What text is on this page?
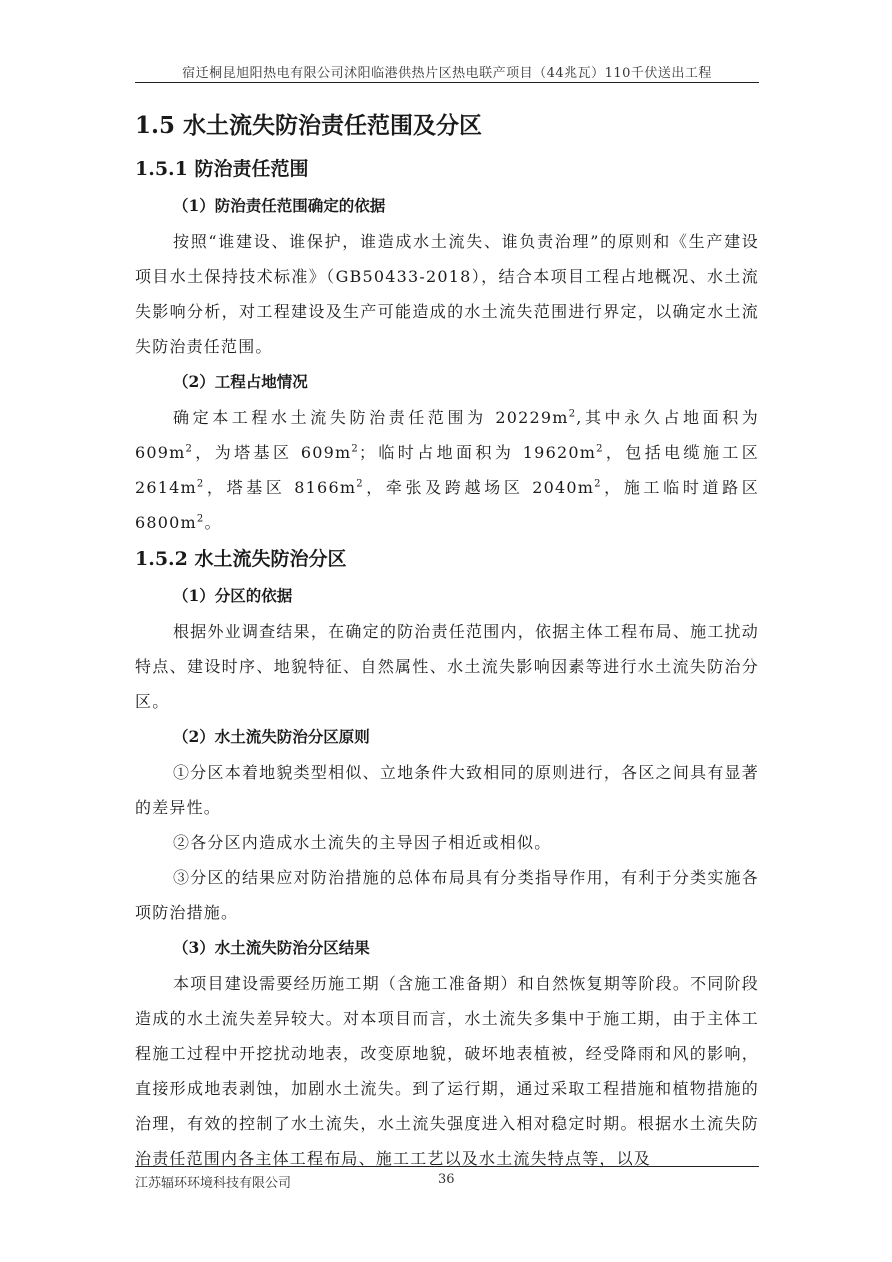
宿迁桐昆旭阳热电有限公司沭阳临港供热片区热电联产项目（44兆瓦）110千伏送出工程
1.5 水土流失防治责任范围及分区
1.5.1 防治责任范围
（1）防治责任范围确定的依据

按照“谁建设、谁保护，谁造成水土流失、谁负责治理”的原则和《生产建设项目水土保持技术标准》（GB50433-2018），结合本项目工程占地概况、水土流失影响分析，对工程建设及生产可能造成的水土流失范围进行界定，以确定水土流失防治责任范围。

（2）工程占地情况

确定本工程水土流失防治责任范围为 $20229m^2$,其中永久占地面积为 $609m^2$，为塔基区 $609m^2$；临时占地面积为 $19620m^2$，包括电缆施工区 $2614m^2$，塔基区 $8166m^2$，牵张及跨越场区 $2040m^2$，施工临时道路区 $6800m^2$。

1.5.2 水土流失防治分区
（1）分区的依据

根据外业调查结果，在确定的防治责任范围内，依据主体工程布局、施工扰动特点、建设时序、地貌特征、自然属性、水土流失影响因素等进行水土流失防治分区。

（2）水土流失防治分区原则

①分区本着地貌类型相似、立地条件大致相同的原则进行，各区之间具有显著的差异性。

②各分区内造成水土流失的主导因子相近或相似。

③分区的结果应对防治措施的总体布局具有分类指导作用，有利于分类实施各项防治措施。

（3）水土流失防治分区结果

本项目建设需要经历施工期（含施工准备期）和自然恢复期等阶段。不同阶段造成的水土流失差异较大。对本项目而言，水土流失多集中于施工期，由于主体工程施工过程中开挖扰动地表，改变原地貌，破坏地表植被，经受降雨和风的影响，直接形成地表剥蚀，加剧水土流失。到了运行期，通过采取工程措施和植物措施的治理，有效的控制了水土流失，水土流失强度进入相对稳定时期。根据水土流失防治责任范围内各主体工程布局、施工工艺以及水土流失特点等，以及

江苏辐环环境科技有限公司	36
